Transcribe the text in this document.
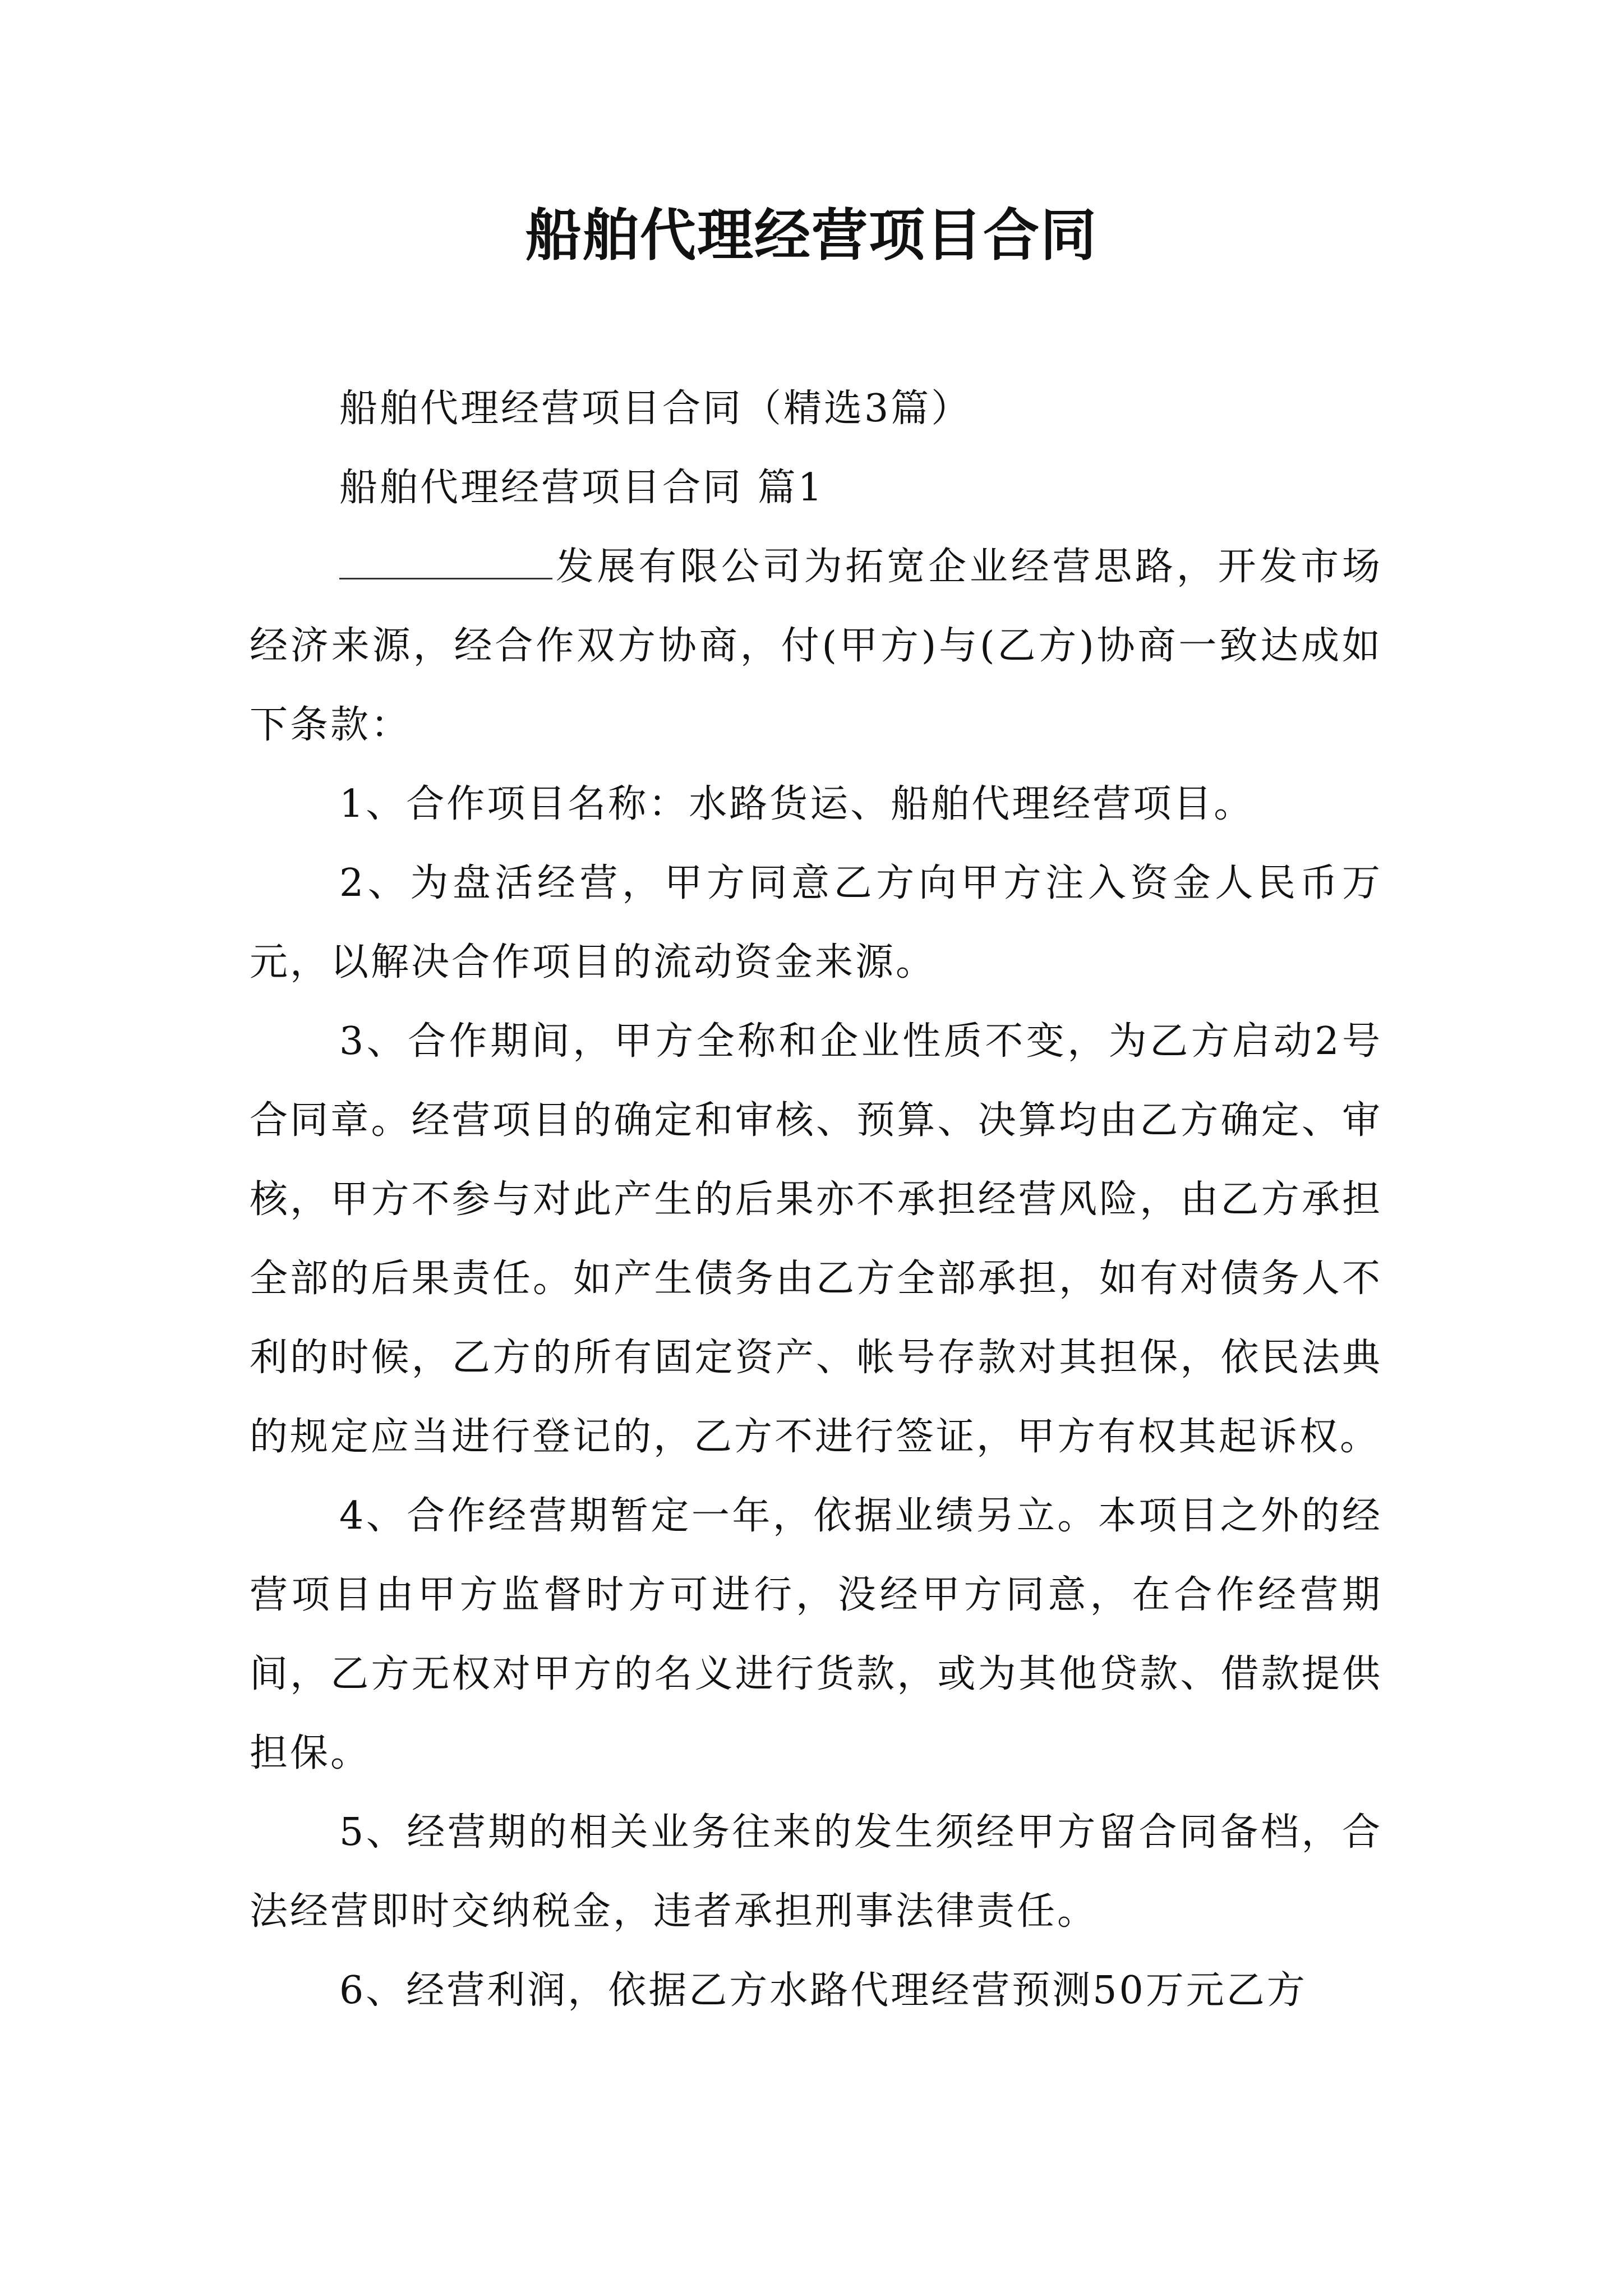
船舶代理经营项目合同

船舶代理经营项目合同（精选3篇）

船舶代理经营项目合同 篇1

发展有限公司为拓宽企业经营思路，开发市场经济来源，经合作双方协商，付(甲方)与(乙方)协商一致达成如下条款：

1、合作项目名称：水路货运、船舶代理经营项目。

2、为盘活经营，甲方同意乙方向甲方注入资金人民币万元，以解决合作项目的流动资金来源。

3、合作期间，甲方全称和企业性质不变，为乙方启动2号合同章。经营项目的确定和审核、预算、决算均由乙方确定、审核，甲方不参与对此产生的后果亦不承担经营风险，由乙方承担全部的后果责任。如产生债务由乙方全部承担，如有对债务人不利的时候，乙方的所有固定资产、帐号存款对其担保，依民法典的规定应当进行登记的，乙方不进行签证，甲方有权其起诉权。

4、合作经营期暂定一年，依据业绩另立。本项目之外的经营项目由甲方监督时方可进行，没经甲方同意，在合作经营期间，乙方无权对甲方的名义进行货款，或为其他贷款、借款提供担保。

5、经营期的相关业务往来的发生须经甲方留合同备档，合法经营即时交纳税金，违者承担刑事法律责任。

6、经营利润，依据乙方水路代理经营预测50万元乙方
